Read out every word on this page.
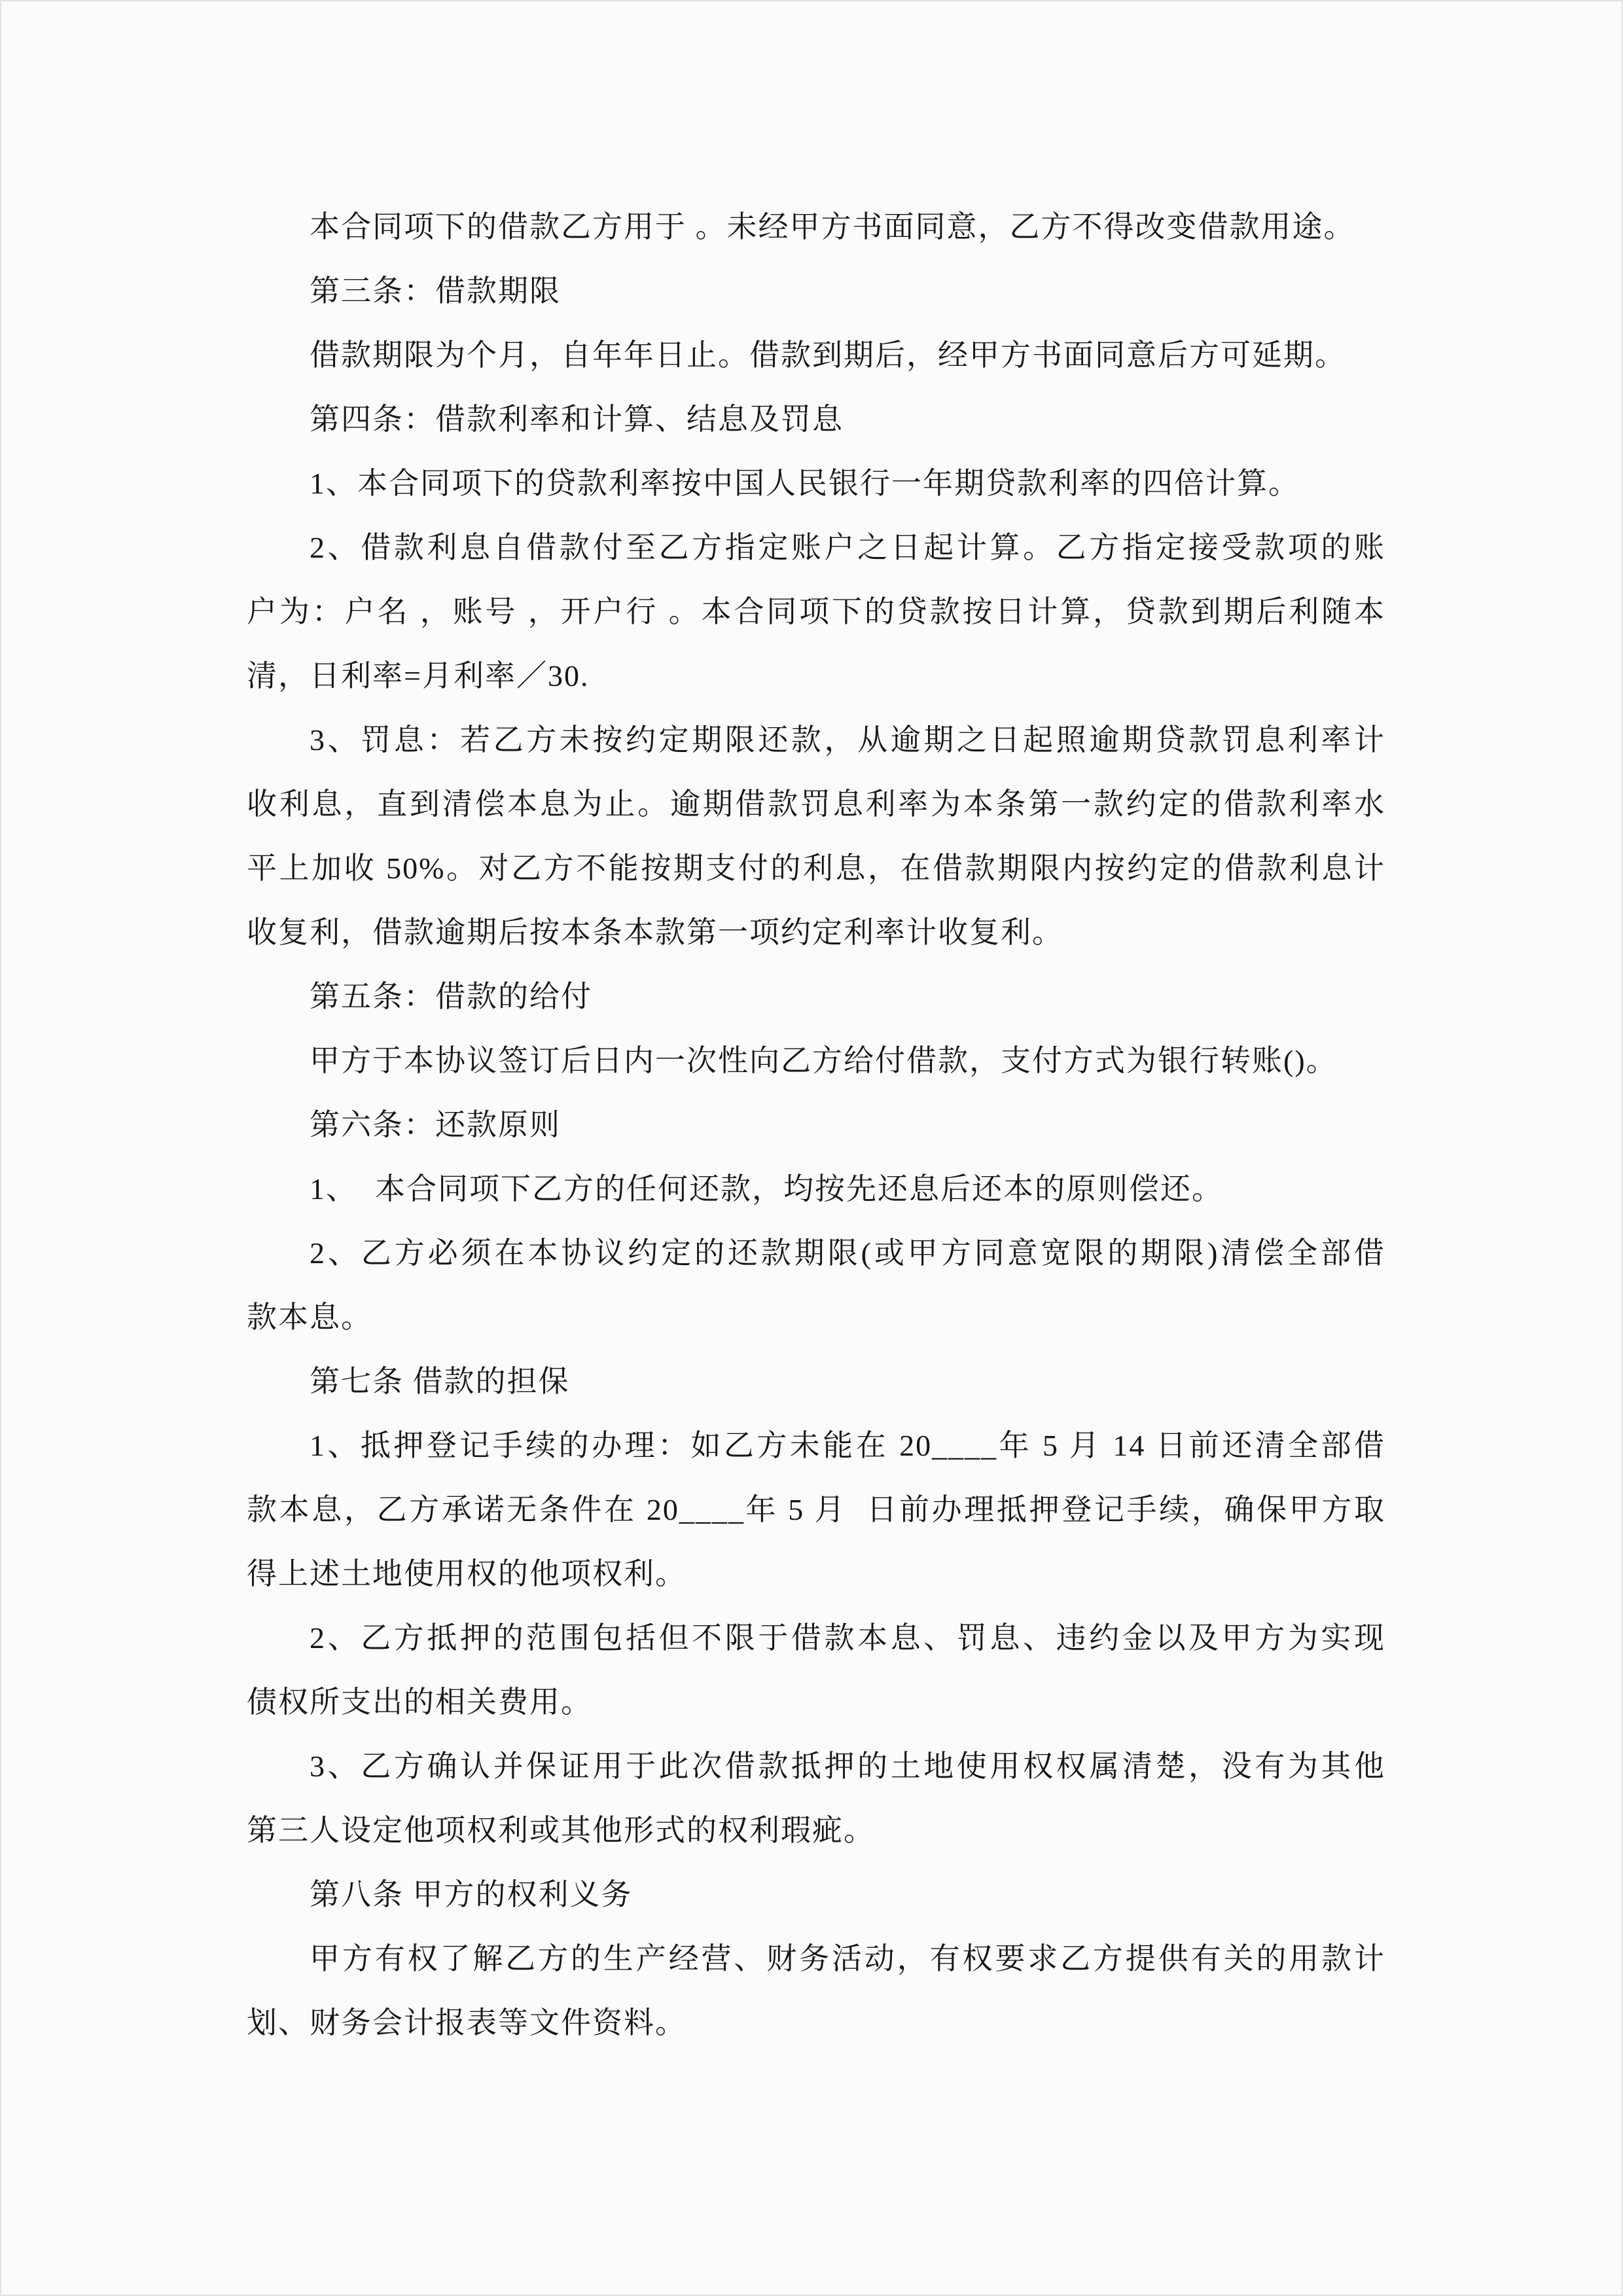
本合同项下的借款乙方用于 。未经甲方书面同意，乙方不得改变借款用途。
第三条：借款期限
借款期限为个月，自年年日止。借款到期后，经甲方书面同意后方可延期。
第四条：借款利率和计算、结息及罚息
1、本合同项下的贷款利率按中国人民银行一年期贷款利率的四倍计算。
2、借款利息自借款付至乙方指定账户之日起计算。乙方指定接受款项的账
户为：户名 ，账号 ，开户行 。本合同项下的贷款按日计算，贷款到期后利随本
清，日利率=月利率／30.
3、罚息：若乙方未按约定期限还款，从逾期之日起照逾期贷款罚息利率计
收利息，直到清偿本息为止。逾期借款罚息利率为本条第一款约定的借款利率水
平上加收 50%。对乙方不能按期支付的利息，在借款期限内按约定的借款利息计
收复利，借款逾期后按本条本款第一项约定利率计收复利。
第五条：借款的给付
甲方于本协议签订后日内一次性向乙方给付借款，支付方式为银行转账()。
第六条：还款原则
1、  本合同项下乙方的任何还款，均按先还息后还本的原则偿还。
2、乙方必须在本协议约定的还款期限(或甲方同意宽限的期限)清偿全部借
款本息。
第七条 借款的担保
1、抵押登记手续的办理：如乙方未能在 20____年 5 月 14 日前还清全部借
款本息，乙方承诺无条件在 20____年 5 月  日前办理抵押登记手续，确保甲方取
得上述土地使用权的他项权利。
2、乙方抵押的范围包括但不限于借款本息、罚息、违约金以及甲方为实现
债权所支出的相关费用。
3、乙方确认并保证用于此次借款抵押的土地使用权权属清楚，没有为其他
第三人设定他项权利或其他形式的权利瑕疵。
第八条 甲方的权利义务
甲方有权了解乙方的生产经营、财务活动，有权要求乙方提供有关的用款计
划、财务会计报表等文件资料。
